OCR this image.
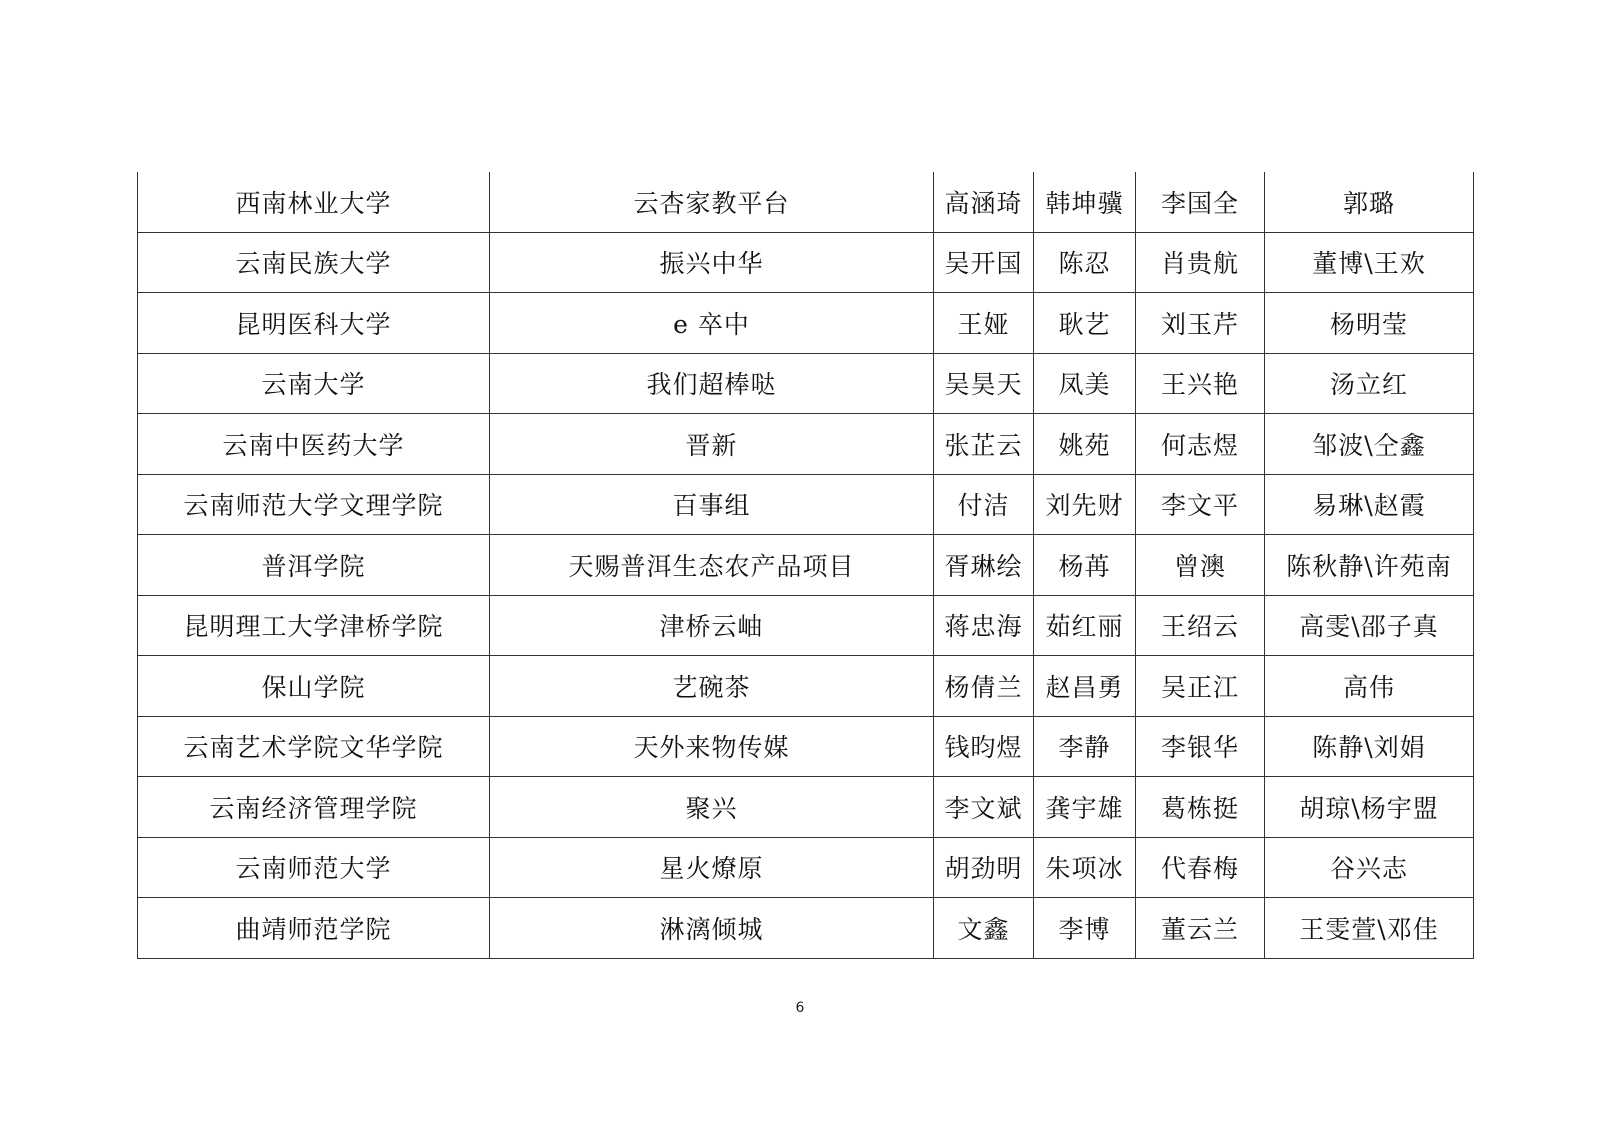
西南林业大学	云杏家教平台	高涵琦	韩坤骥	李国全	郭璐
云南民族大学	振兴中华	吴开国	陈忍	肖贵航	董博\王欢
昆明医科大学	e 卒中	王娅	耿艺	刘玉芹	杨明莹
云南大学	我们超棒哒	吴昊天	凤美	王兴艳	汤立红
云南中医药大学	晋新	张芷云	姚苑	何志煜	邹波\仝鑫
云南师范大学文理学院	百事组	付洁	刘先财	李文平	易琳\赵霞
普洱学院	天赐普洱生态农产品项目	胥琳绘	杨苒	曾澳	陈秋静\许苑南
昆明理工大学津桥学院	津桥云岫	蒋忠海	茹红丽	王绍云	高雯\邵子真
保山学院	艺碗茶	杨倩兰	赵昌勇	吴正江	高伟
云南艺术学院文华学院	天外来物传媒	钱昀煜	李静	李银华	陈静\刘娟
云南经济管理学院	聚兴	李文斌	龚宇雄	葛栋挺	胡琼\杨宇盟
云南师范大学	星火燎原	胡劲明	朱项冰	代春梅	谷兴志
曲靖师范学院	淋漓倾城	文鑫	李博	董云兰	王雯萱\邓佳
6
